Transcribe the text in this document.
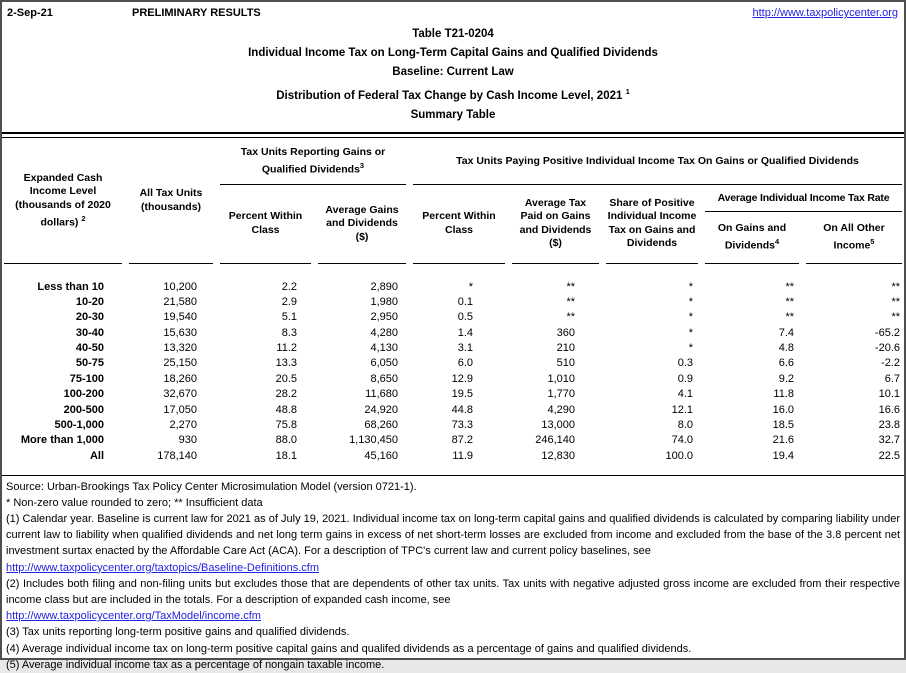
2-Sep-21	PRELIMINARY RESULTS	http://www.taxpolicycenter.org
Table T21-0204
Individual Income Tax on Long-Term Capital Gains and Qualified Dividends
Baseline: Current Law
Distribution of Federal Tax Change by Cash Income Level, 2021 $^1$
Summary Table
Expanded Cash Income Level (thousands of 2020 dollars) $^2$
All Tax Units (thousands)
Tax Units Reporting Gains or Qualified Dividends$^3$	Tax Units Paying Positive Individual Income Tax On Gains or Qualified Dividends
Percent Within Class
Average Gains and Dividends ($)
Percent Within Class
Average Tax Paid on Gains and Dividends ($)
Share of Positive Individual Income Tax on Gains and Dividends
Average Individual Income Tax Rate
On Gains and Dividends$^4$
On All Other Income$^5$
Less than 10	10,200	2.2	2,890	*	**	*	**	**
10-20	21,580	2.9	1,980	0.1	**	*	**	**
20-30	19,540	5.1	2,950	0.5	**	*	**	**
30-40	15,630	8.3	4,280	1.4	360	*	7.4	-65.2
40-50	13,320	11.2	4,130	3.1	210	*	4.8	-20.6
50-75	25,150	13.3	6,050	6.0	510	0.3	6.6	-2.2
75-100	18,260	20.5	8,650	12.9	1,010	0.9	9.2	6.7
100-200	32,670	28.2	11,680	19.5	1,770	4.1	11.8	10.1
200-500	17,050	48.8	24,920	44.8	4,290	12.1	16.0	16.6
500-1,000	2,270	75.8	68,260	73.3	13,000	8.0	18.5	23.8
More than 1,000	930	88.0	1,130,450	87.2	246,140	74.0	21.6	32.7
All	178,140	18.1	45,160	11.9	12,830	100.0	19.4	22.5
Source: Urban-Brookings Tax Policy Center Microsimulation Model (version 0721-1).
* Non-zero value rounded to zero; ** Insufficient data
(1) Calendar year. Baseline is current law for 2021 as of July 19, 2021. Individual income tax on long-term capital gains and qualified dividends is calculated by comparing liability under current law to liability when qualified dividends and net long term gains in excess of net short-term losses are excluded from income and excluded from the base of the 3.8 percent net investment surtax enacted by the Affordable Care Act (ACA). For a description of TPC's current law and current policy baselines, see
http://www.taxpolicycenter.org/taxtopics/Baseline-Definitions.cfm
(2) Includes both filing and non-filing units but excludes those that are dependents of other tax units. Tax units with negative adjusted gross income are excluded from their respective income class but are included in the totals. For a description of expanded cash income, see
http://www.taxpolicycenter.org/TaxModel/income.cfm
(3) Tax units reporting long-term positive gains and qualified dividends.
(4) Average individual income tax on long-term positive capital gains and qualifed dividends as a percentage of gains and qualified dividends.
(5) Average individual income tax as a percentage of nongain taxable income.
